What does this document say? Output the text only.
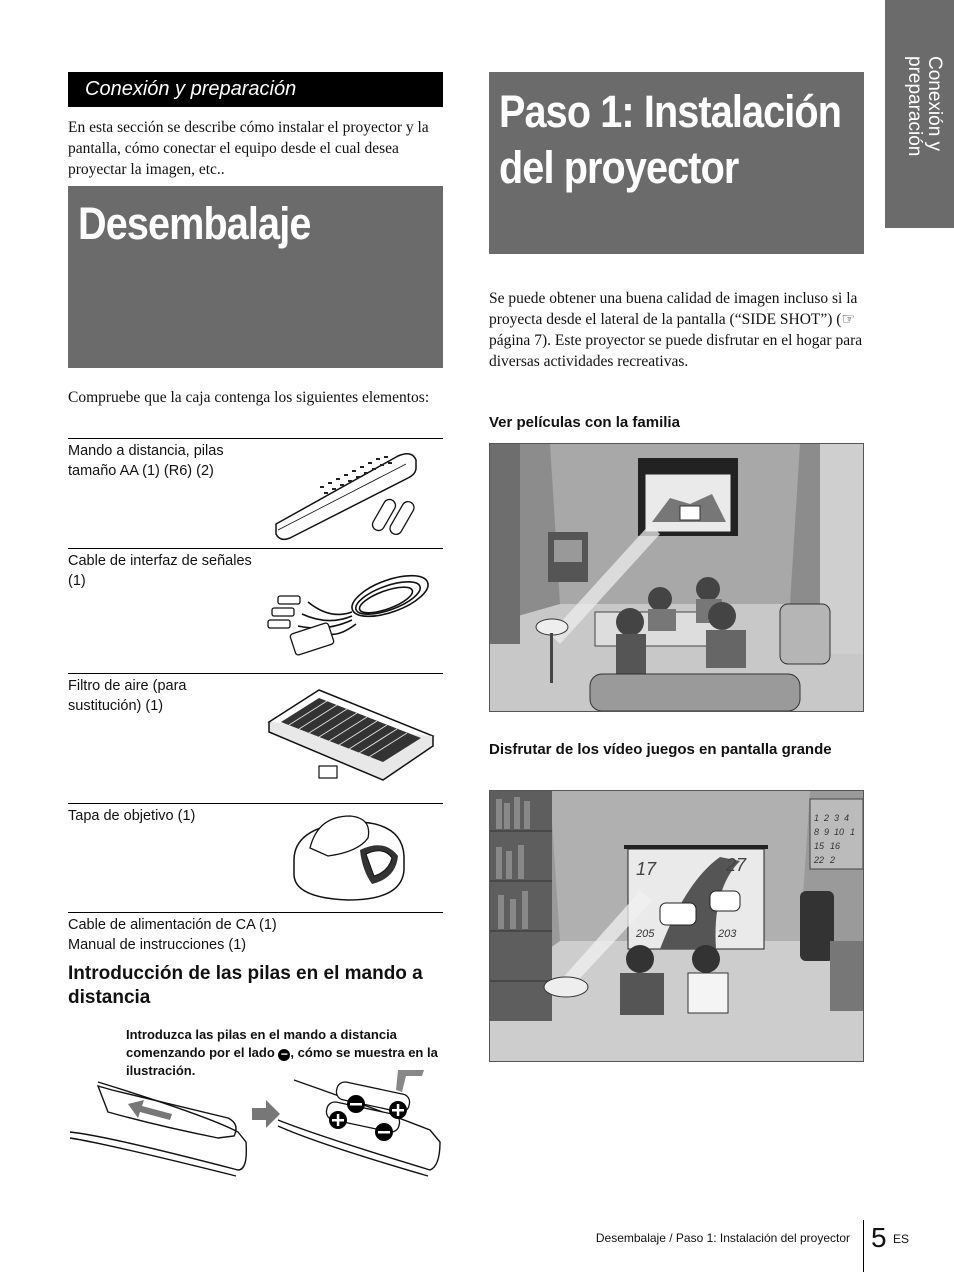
Conexión y
preparación
Conexión y preparación
En esta sección se describe cómo instalar el proyector y la pantalla, cómo conectar el equipo desde el cual desea proyectar la imagen, etc..
Desembalaje
Compruebe que la caja contenga los siguientes elementos:
Mando a distancia, pilas tamaño AA (1) (R6) (2)
Cable de interfaz de señales (1)
Filtro de aire (para sustitución) (1)
Tapa de objetivo (1)
Cable de alimentación de CA (1)
Manual de instrucciones (1)
Introducción de las pilas en el mando a distancia
Introduzca las pilas en el mando a distancia comenzando por el lado − , cómo se muestra en la ilustración.
Paso 1: Instalación
del proyector
Se puede obtener una buena calidad de imagen incluso si la proyecta desde el lateral de la pantalla (“SIDE SHOT”) (☞ página 7). Este proyector se puede disfrutar en el hogar para diversas actividades recreativas.
Ver películas con la familia
Disfrutar de los vídeo juegos en pantalla grande
17	27
205	203
1 2 3 4
8 9 10 1
15 16
22 2
Desembalaje / Paso 1: Instalación del proyector 5 ES
